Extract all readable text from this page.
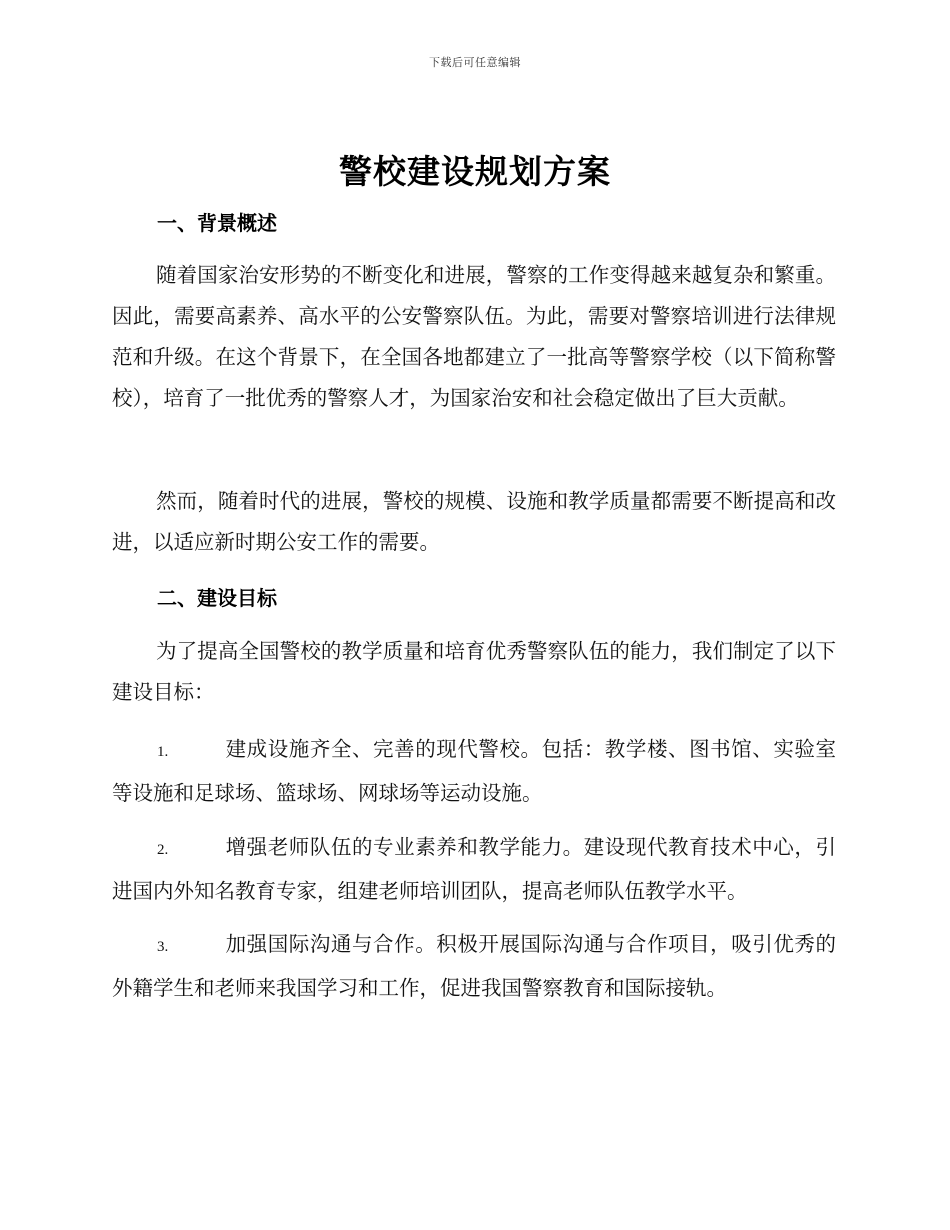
下载后可任意编辑
警校建设规划方案
一、背景概述

随着国家治安形势的不断变化和进展，警察的工作变得越来越复杂和繁重。因此，需要高素养、高水平的公安警察队伍。为此，需要对警察培训进行法律规范和升级。在这个背景下，在全国各地都建立了一批高等警察学校（以下简称警校），培育了一批优秀的警察人才，为国家治安和社会稳定做出了巨大贡献。

然而，随着时代的进展，警校的规模、设施和教学质量都需要不断提高和改进，以适应新时期公安工作的需要。

二、建设目标

为了提高全国警校的教学质量和培育优秀警察队伍的能力，我们制定了以下建设目标：

1.	建成设施齐全、完善的现代警校。包括：教学楼、图书馆、实验室等设施和足球场、篮球场、网球场等运动设施。

2.	增强老师队伍的专业素养和教学能力。建设现代教育技术中心，引进国内外知名教育专家，组建老师培训团队，提高老师队伍教学水平。

3.	加强国际沟通与合作。积极开展国际沟通与合作项目，吸引优秀的外籍学生和老师来我国学习和工作，促进我国警察教育和国际接轨。
